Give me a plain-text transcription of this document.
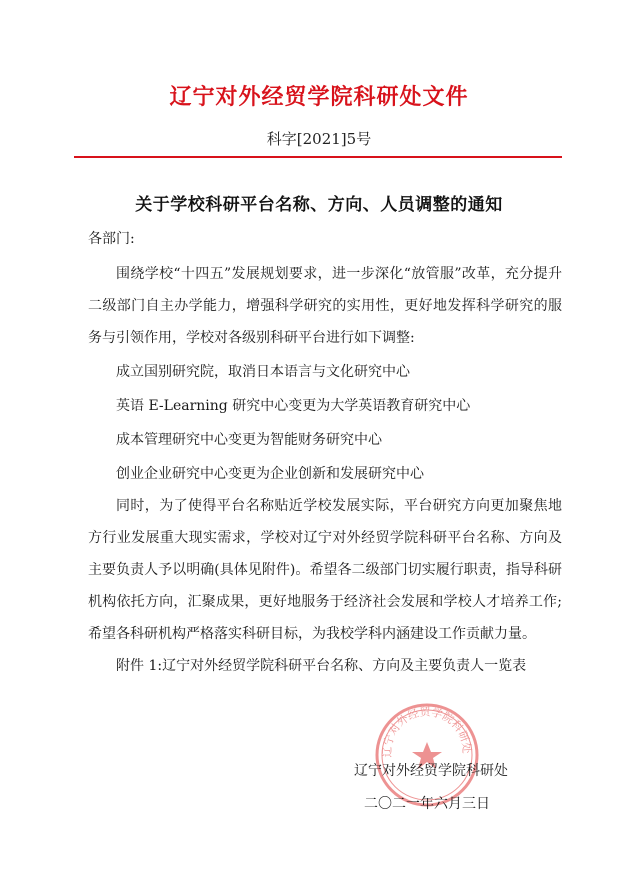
辽宁对外经贸学院科研处文件
科字[2021]5号
关于学校科研平台名称、方向、人员调整的通知
各部门:

围绕学校“十四五”发展规划要求，进一步深化“放管服”改革，充分提升二级部门自主办学能力，增强科学研究的实用性，更好地发挥科学研究的服务与引领作用，学校对各级别科研平台进行如下调整:

成立国别研究院，取消日本语言与文化研究中心

英语 E-Learning 研究中心变更为大学英语教育研究中心

成本管理研究中心变更为智能财务研究中心

创业企业研究中心变更为企业创新和发展研究中心

同时，为了使得平台名称贴近学校发展实际，平台研究方向更加聚焦地方行业发展重大现实需求，学校对辽宁对外经贸学院科研平台名称、方向及主要负责人予以明确(具体见附件)。希望各二级部门切实履行职责，指导科研机构依托方向，汇聚成果，更好地服务于经济社会发展和学校人才培养工作;希望各科研机构严格落实科研目标，为我校学科内涵建设工作贡献力量。

附件 1:辽宁对外经贸学院科研平台名称、方向及主要负责人一览表

辽宁对外经贸学院科研处
辽宁对外经贸学院科研处
二〇二一年六月三日
